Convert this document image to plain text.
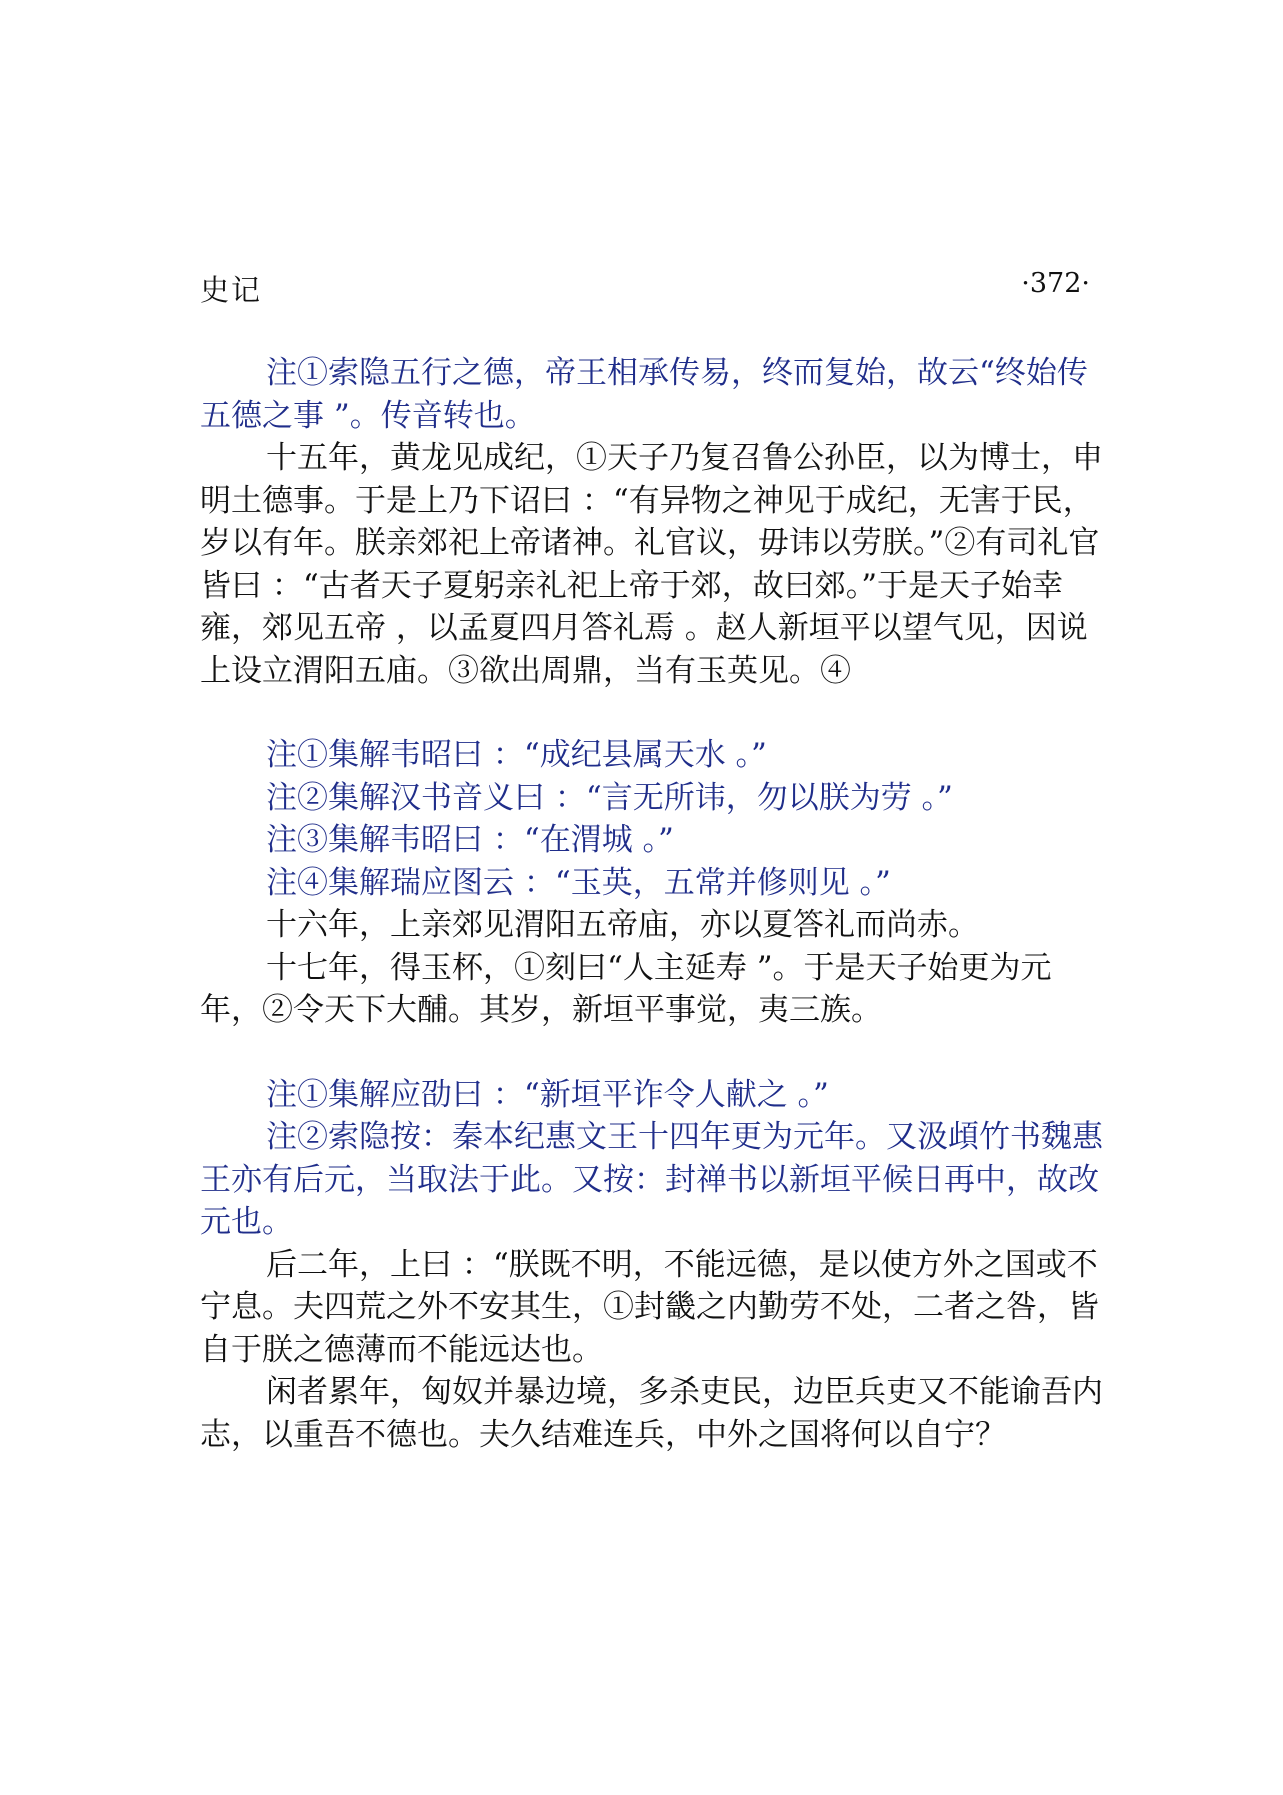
史记	·372·

注①索隐五行之德，帝王相承传易，终而复始，故云“终始传五德之事 ”。传音转也。

十五年，黄龙见成纪，①天子乃复召鲁公孙臣，以为博士，申明土德事。于是上乃下诏曰 ：“有异物之神见于成纪，无害于民，岁以有年。朕亲郊祀上帝诸神。礼官议，毋讳以劳朕。”②有司礼官皆曰 ：“古者天子夏躬亲礼祀上帝于郊，故曰郊。”于是天子始幸雍，郊见五帝 ，以孟夏四月答礼焉 。赵人新垣平以望气见，因说上设立渭阳五庙。③欲出周鼎，当有玉英见。④

注①集解韦昭曰 ：“成纪县属天水 。”

注②集解汉书音义曰 ：“言无所讳，勿以朕为劳 。”

注③集解韦昭曰 ：“在渭城 。”

注④集解瑞应图云 ：“玉英，五常并修则见 。”

十六年，上亲郊见渭阳五帝庙，亦以夏答礼而尚赤。

十七年，得玉杯，①刻曰“人主延寿 ”。于是天子始更为元年，②令天下大酺。其岁，新垣平事觉，夷三族。

注①集解应劭曰 ：“新垣平诈令人献之 。”

注②索隐按：秦本纪惠文王十四年更为元年。又汲頉竹书魏惠王亦有后元，当取法于此。又按：封禅书以新垣平候日再中，故改元也。

后二年，上曰 ：“朕既不明，不能远德，是以使方外之国或不宁息。夫四荒之外不安其生，①封畿之内勤劳不处，二者之咎，皆自于朕之德薄而不能远达也。

闲者累年，匈奴并暴边境，多杀吏民，边臣兵吏又不能谕吾内志，以重吾不德也。夫久结难连兵，中外之国将何以自宁？
